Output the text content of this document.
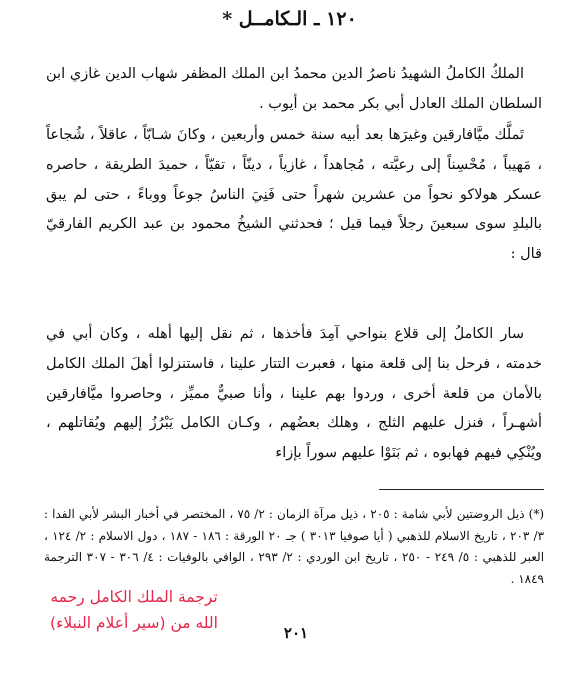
١٢٠ ـ الـكامــل *

الملكُ الكاملُ الشهيدُ ناصرُ الدين محمدُ ابن الملك المظفر شهاب الدين غازي ابن السلطان الملك العادل أبي بكر محمد بن أيوب .

تَملَّك ميَّافارقين وغيرَها بعد أبيه سنة خمس وأربعين ، وكانَ شـابّاً ، عاقلاً ، شُجاعاً ، مَهيباً ، مُحْسِناً إلى رعيَّته ، مُجاهداً ، غازياً ، دينّاً ، تقيّاً ، حميدَ الطريقة ، حاصره عسكر هولاكو نحواً من عشرين شهراً حتى فَنِيَ الناسُ جوعاً ووباءً ، حتى لم يبق بالبلدِ سوى سبعينَ رجلاً فيما قيل ؛ فحدثني الشيخُ محمود بن عبد الكريم الفارقيّ قال :

سار الكاملُ إلى قلاع بنواحي آمِدَ فأخذها ، ثم نقل إليها أهله ، وكان أبي في خدمته ، فرحل بنا إلى قلعة منها ، فعبرت التتار علينا ، فاستنزلوا أهلَ الملك الكامل بالأمان من قلعة أخرى ، وردوا بهم علينا ، وأنا صبيٌّ مميِّز ، وحاصروا ميَّافارقين أشهـراً ، فنزل عليهم الثلج ، وهلك بعضُهم ، وكـان الكامل يَبْرُزُ إليهم ويُقاتلهم ، ويُنْكِي فيهم فهابوه ، ثم بَنَوْا عليهم سوراً بإزاء

(*) ذيل الروضتين لأبي شامة : ٢٠٥ ، ذيل مرآة الزمان : ٢/ ٧٥ ، المختصر في أخبار البشر لأبي الفدا : ٣/ ٢٠٣ ، تاريخ الاسلام للذهبي ( أيا صوفيا ٣٠١٣ ) جـ ٢٠ الورقة : ١٨٦ - ١٨٧ ، دول الاسلام : ٢/ ١٢٤ ، العبر للذهبي : ٥/ ٢٤٩ - ٢٥٠ ، تاريخ ابن الوردي : ٢/ ٢٩٣ ، الوافي بالوفيات : ٤/ ٣٠٦ - ٣٠٧ الترجمة ١٨٤٩ .

ترجمة الملك الكامل رحمه
الله من (سير أعلام النبلاء)
٢٠١
